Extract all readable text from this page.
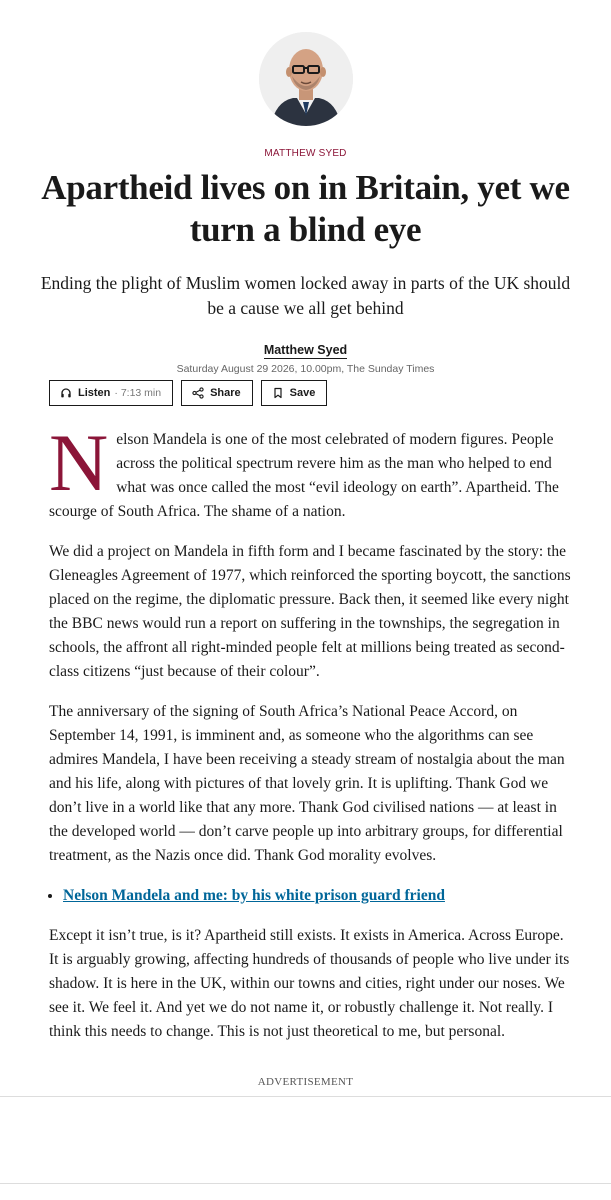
MATTHEW SYED
Apartheid lives on in Britain, yet we turn a blind eye

Ending the plight of Muslim women locked away in parts of the UK should be a cause we all get behind

Matthew Syed
Saturday August 29 2026, 10.00pm, The Sunday Times
Listen · 7:13 min	Share	Save

Nelson Mandela is one of the most celebrated of modern figures. People across the political spectrum revere him as the man who helped to end what was once called the most “evil ideology on earth”. Apartheid. The scourge of South Africa. The shame of a nation.

We did a project on Mandela in fifth form and I became fascinated by the story: the Gleneagles Agreement of 1977, which reinforced the sporting boycott, the sanctions placed on the regime, the diplomatic pressure. Back then, it seemed like every night the BBC news would run a report on suffering in the townships, the segregation in schools, the affront all right-minded people felt at millions being treated as second-class citizens “just because of their colour”.

The anniversary of the signing of South Africa’s National Peace Accord, on September 14, 1991, is imminent and, as someone who the algorithms can see admires Mandela, I have been receiving a steady stream of nostalgia about the man and his life, along with pictures of that lovely grin. It is uplifting. Thank God we don’t live in a world like that any more. Thank God civilised nations — at least in the developed world — don’t carve people up into arbitrary groups, for differential treatment, as the Nazis once did. Thank God morality evolves.

• Nelson Mandela and me: by his white prison guard friend

Except it isn’t true, is it? Apartheid still exists. It exists in America. Across Europe. It is arguably growing, affecting hundreds of thousands of people who live under its shadow. It is here in the UK, within our towns and cities, right under our noses. We see it. We feel it. And yet we do not name it, or robustly challenge it. Not really. I think this needs to change. This is not just theoretical to me, but personal.

ADVERTISEMENT
